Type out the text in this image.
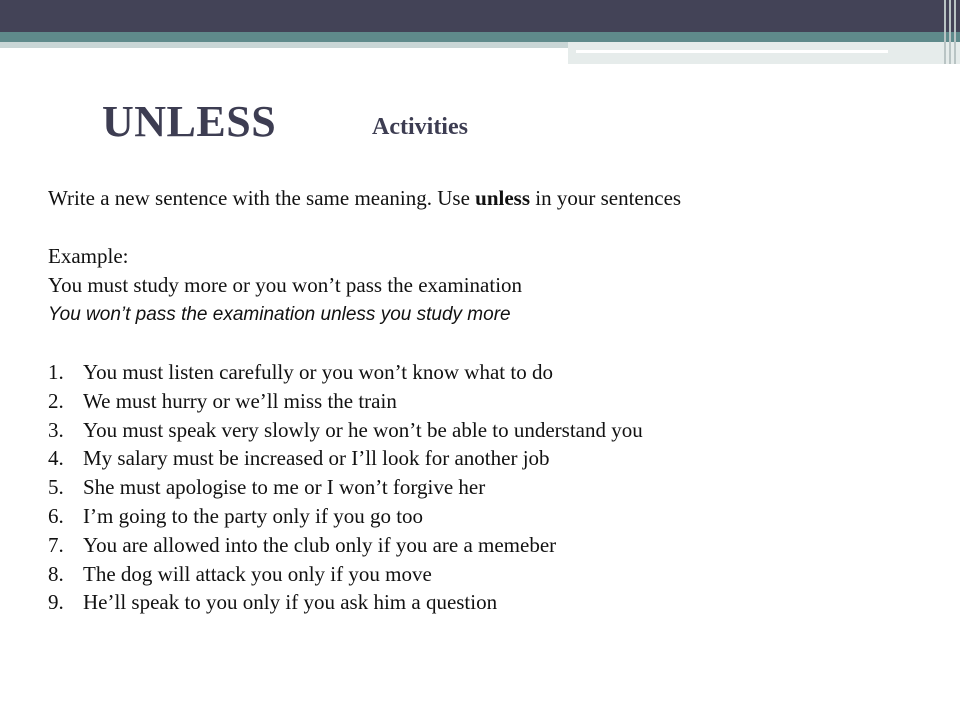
UNLESS	Activities
Write a new sentence with the same meaning. Use unless in your sentences
Example:
You must study more or you won’t pass the examination
You won’t pass the examination unless you study more
1. You must listen carefully or you won’t know what to do
2. We must hurry or we’ll miss the train
3. You must speak very slowly or he won’t be able to understand you
4. My salary must be increased or I’ll look for another job
5. She must apologise to me or I won’t forgive her
6. I’m going to the party only if you go too
7. You are allowed into the club only if you are a memeber
8. The dog will attack you only if you move
9. He’ll speak to you only if you ask him a question
